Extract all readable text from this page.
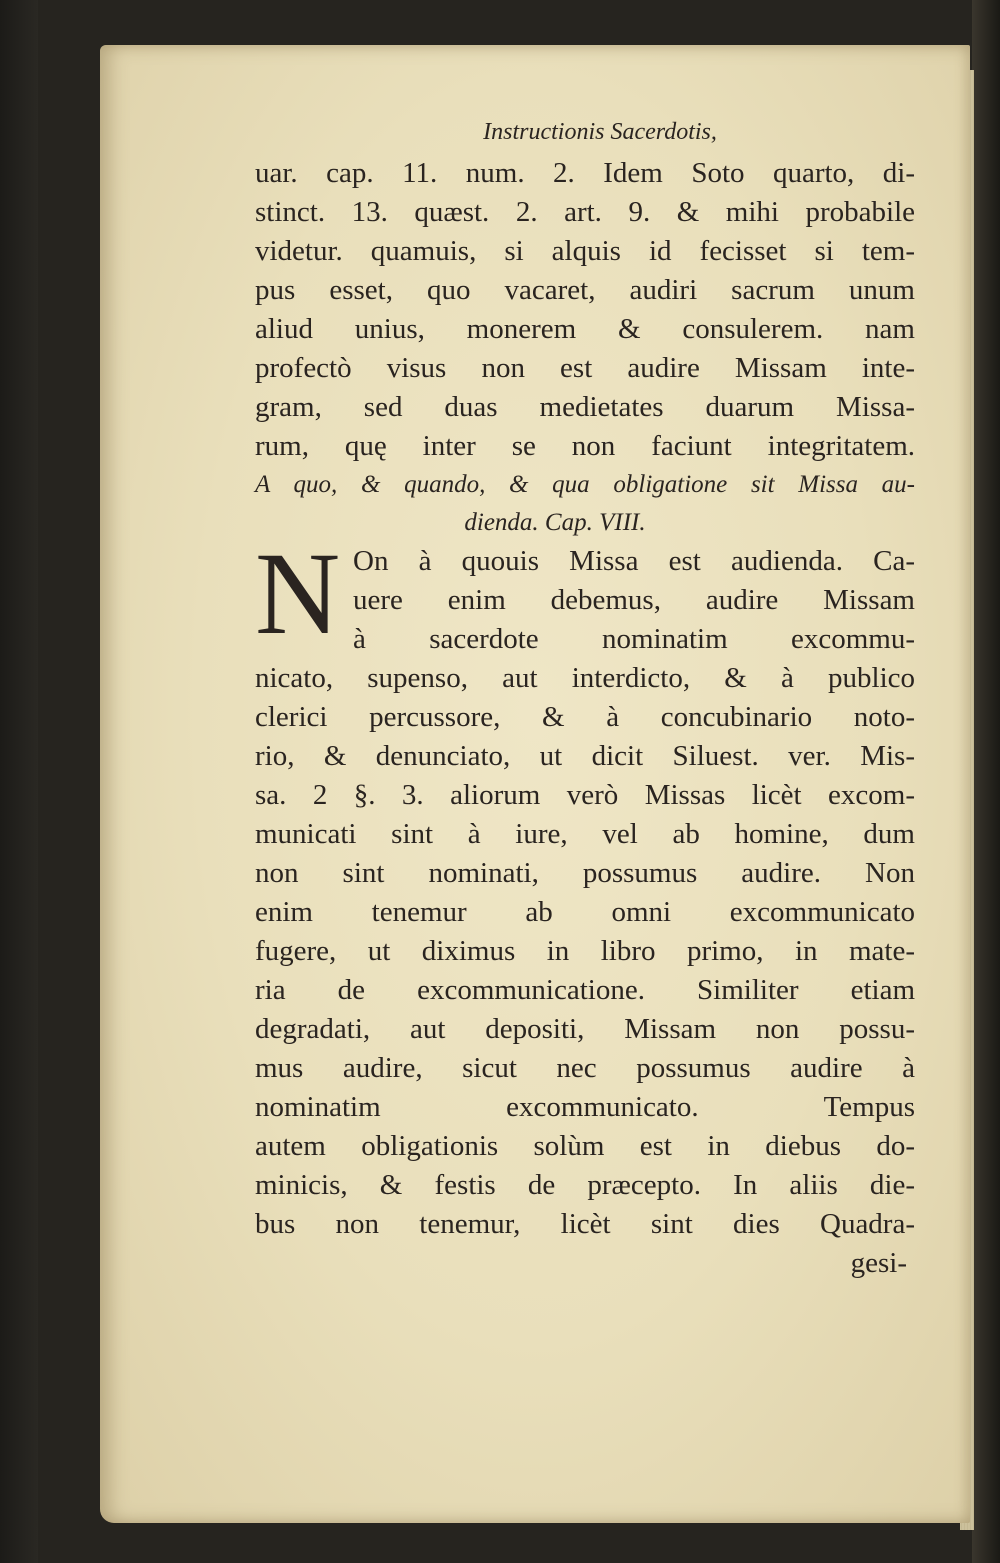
Instructionis Sacerdotis,
uar. cap. 11. num. 2. Idem Soto quarto, di-
stinct. 13. quæst. 2. art. 9. & mihi probabile
videtur. quamuis, si alquis id fecisset si tem-
pus esset, quo vacaret, audiri sacrum unum
aliud unius, monerem & consulerem. nam
profectò visus non est audire Missam inte-
gram, sed duas medietates duarum Missa-
rum, quę inter se non faciunt integritatem.
A quo, & quando, & qua obligatione sit Missa au-
dienda. Cap. VIII.
N On à quouis Missa est audienda. Ca-
uere enim debemus, audire Missam
à sacerdote nominatim excommu-
nicato, supenso, aut interdicto, & à publico
clerici percussore, & à concubinario noto-
rio, & denunciato, ut dicit Siluest. ver. Mis-
sa. 2 §. 3. aliorum verò Missas licèt excom-
municati sint à iure, vel ab homine, dum
non sint nominati, possumus audire. Non
enim tenemur ab omni excommunicato
fugere, ut diximus in libro primo, in mate-
ria de excommunicatione. Similiter etiam
degradati, aut depositi, Missam non possu-
mus audire, sicut nec possumus audire à
nominatim excommunicato. Tempus
autem obligationis solùm est in diebus do-
minicis, & festis de præcepto. In aliis die-
bus non tenemur, licèt sint dies Quadra-
gesi-
